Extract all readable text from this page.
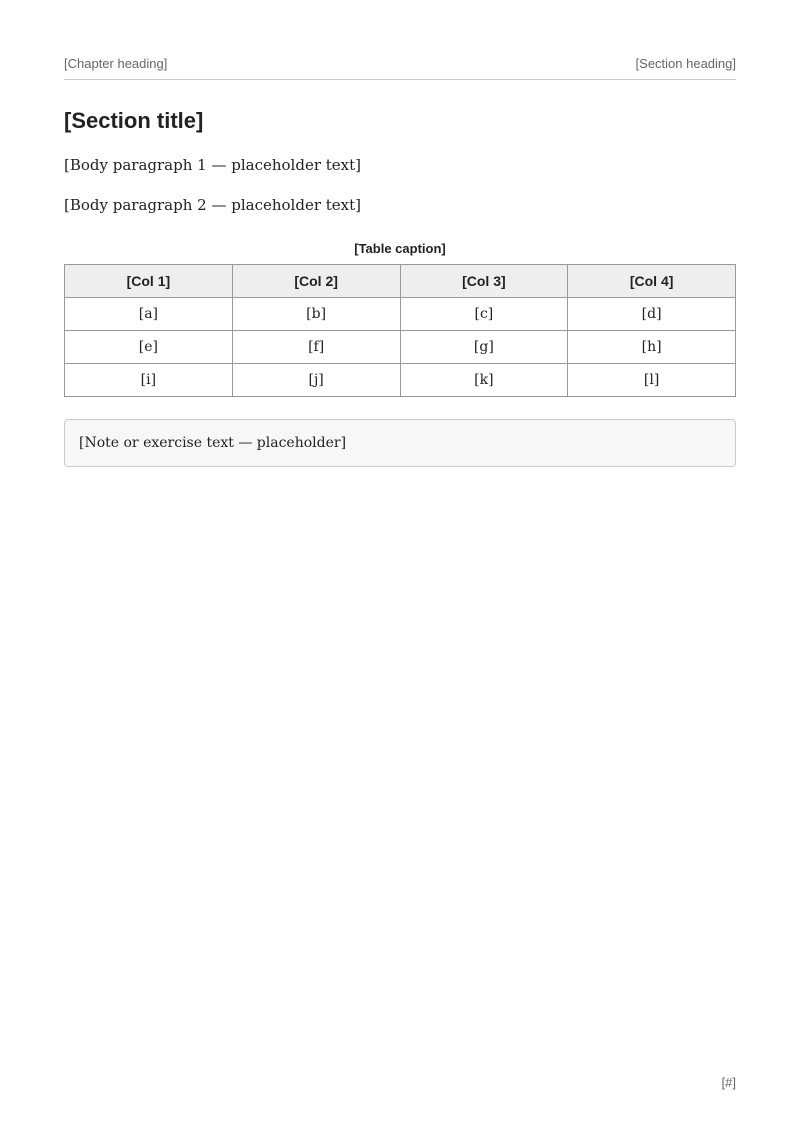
[Chapter heading]	[Section heading]
[Section title]

[Body paragraph 1 — placeholder text]

[Body paragraph 2 — placeholder text]

[Table caption]
[Col 1]	[Col 2]	[Col 3]	[Col 4]
[a]	[b]	[c]	[d]
[e]	[f]	[g]	[h]
[i]	[j]	[k]	[l]
[Note or exercise text — placeholder]
[#]
